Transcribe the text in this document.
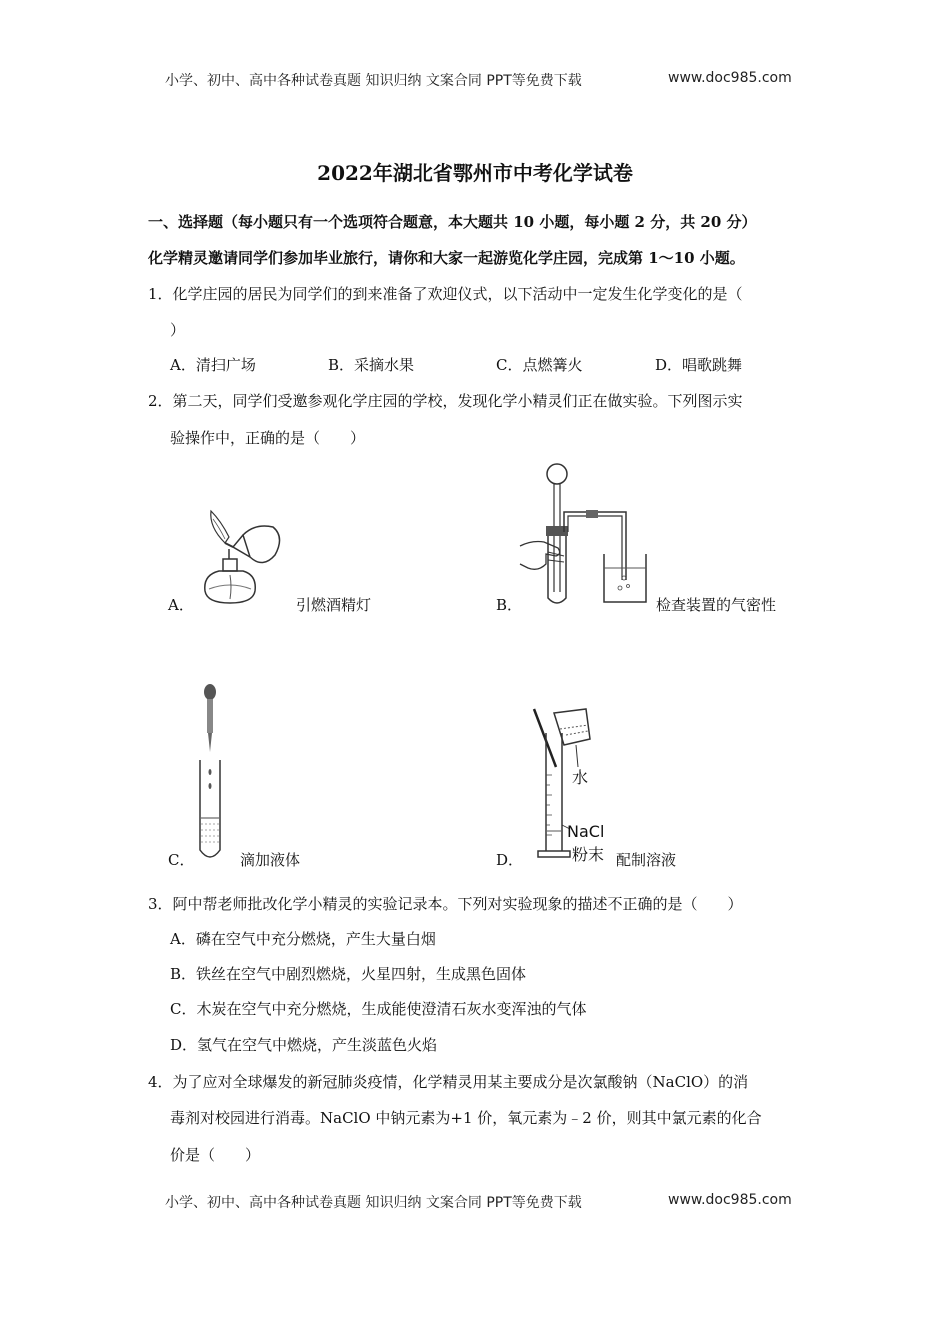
小学、初中、高中各种试卷真题 知识归纳 文案合同 PPT等免费下载	www.doc985.com
2022年湖北省鄂州市中考化学试卷
一、选择题（每小题只有一个选项符合题意，本大题共 10 小题，每小题 2 分，共 20 分）
化学精灵邀请同学们参加毕业旅行，请你和大家一起游览化学庄园，完成第 1～10 小题。
1．化学庄园的居民为同学们的到来准备了欢迎仪式，以下活动中一定发生化学变化的是（
）
A．清扫广场	B．采摘水果	C．点燃篝火	D．唱歌跳舞
2．第二天，同学们受邀参观化学庄园的学校，发现化学小精灵们正在做实验。下列图示实
验操作中，正确的是（　　）
A．	引燃酒精灯	B．	检查装置的气密性
C．	滴加液体	D．
水
NaCl
粉末 配制溶液
3．阿中帮老师批改化学小精灵的实验记录本。下列对实验现象的描述不正确的是（　　）
A．磷在空气中充分燃烧，产生大量白烟
B．铁丝在空气中剧烈燃烧，火星四射，生成黑色固体
C．木炭在空气中充分燃烧，生成能使澄清石灰水变浑浊的气体
D．氢气在空气中燃烧，产生淡蓝色火焰
4．为了应对全球爆发的新冠肺炎疫情，化学精灵用某主要成分是次氯酸钠（NaClO）的消
毒剂对校园进行消毒。NaClO 中钠元素为+1 价，氧元素为﹣2 价，则其中氯元素的化合
价是（　　）
小学、初中、高中各种试卷真题 知识归纳 文案合同 PPT等免费下载	www.doc985.com
